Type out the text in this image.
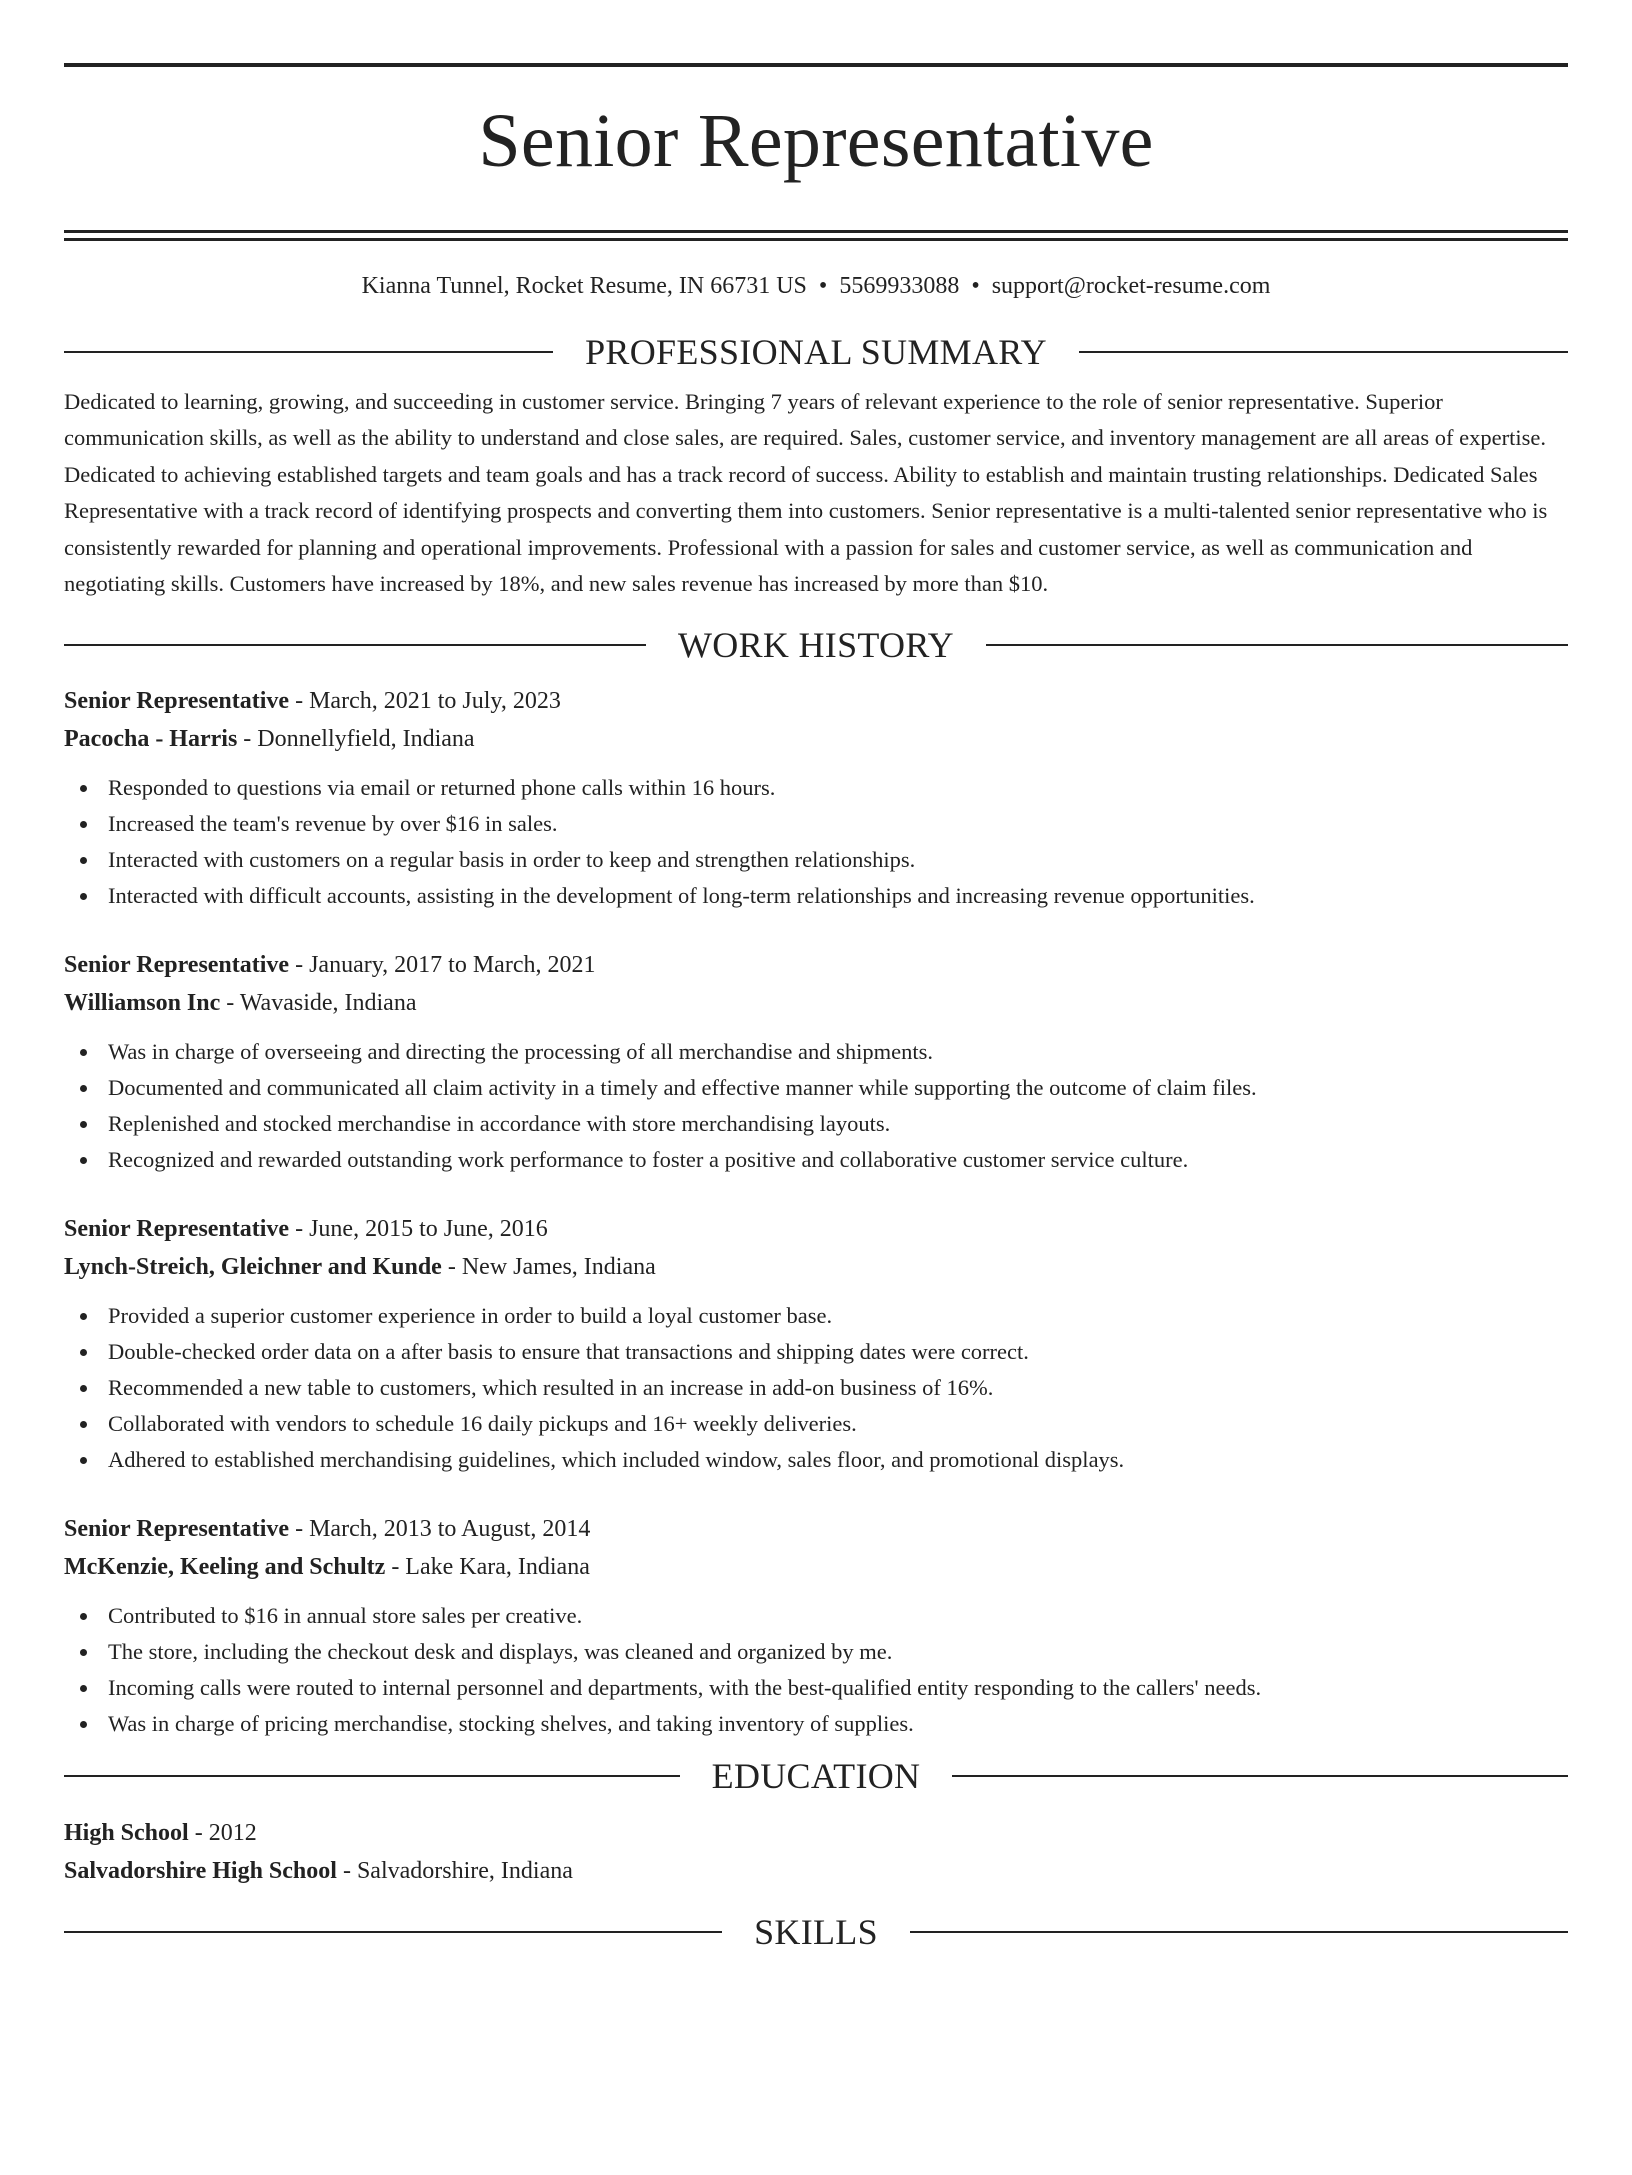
Senior Representative
Kianna Tunnel, Rocket Resume, IN 66731 US • 5569933088 • support@rocket-resume.com
PROFESSIONAL SUMMARY

Dedicated to learning, growing, and succeeding in customer service. Bringing 7 years of relevant experience to the role of senior representative. Superior communication skills, as well as the ability to understand and close sales, are required. Sales, customer service, and inventory management are all areas of expertise. Dedicated to achieving established targets and team goals and has a track record of success. Ability to establish and maintain trusting relationships. Dedicated Sales Representative with a track record of identifying prospects and converting them into customers. Senior representative is a multi-talented senior representative who is consistently rewarded for planning and operational improvements. Professional with a passion for sales and customer service, as well as communication and negotiating skills. Customers have increased by 18%, and new sales revenue has increased by more than $10.

WORK HISTORY
Senior Representative - March, 2021 to July, 2023
Pacocha - Harris - Donnellyfield, Indiana
Responded to questions via email or returned phone calls within 16 hours.
Increased the team's revenue by over $16 in sales.
Interacted with customers on a regular basis in order to keep and strengthen relationships.
Interacted with difficult accounts, assisting in the development of long-term relationships and increasing revenue opportunities.
Senior Representative - January, 2017 to March, 2021
Williamson Inc - Wavaside, Indiana
Was in charge of overseeing and directing the processing of all merchandise and shipments.
Documented and communicated all claim activity in a timely and effective manner while supporting the outcome of claim files.
Replenished and stocked merchandise in accordance with store merchandising layouts.
Recognized and rewarded outstanding work performance to foster a positive and collaborative customer service culture.
Senior Representative - June, 2015 to June, 2016
Lynch-Streich, Gleichner and Kunde - New James, Indiana
Provided a superior customer experience in order to build a loyal customer base.
Double-checked order data on a after basis to ensure that transactions and shipping dates were correct.
Recommended a new table to customers, which resulted in an increase in add-on business of 16%.
Collaborated with vendors to schedule 16 daily pickups and 16+ weekly deliveries.
Adhered to established merchandising guidelines, which included window, sales floor, and promotional displays.
Senior Representative - March, 2013 to August, 2014
McKenzie, Keeling and Schultz - Lake Kara, Indiana
Contributed to $16 in annual store sales per creative.
The store, including the checkout desk and displays, was cleaned and organized by me.
Incoming calls were routed to internal personnel and departments, with the best-qualified entity responding to the callers' needs.
Was in charge of pricing merchandise, stocking shelves, and taking inventory of supplies.
EDUCATION
High School - 2012
Salvadorshire High School - Salvadorshire, Indiana
SKILLS
